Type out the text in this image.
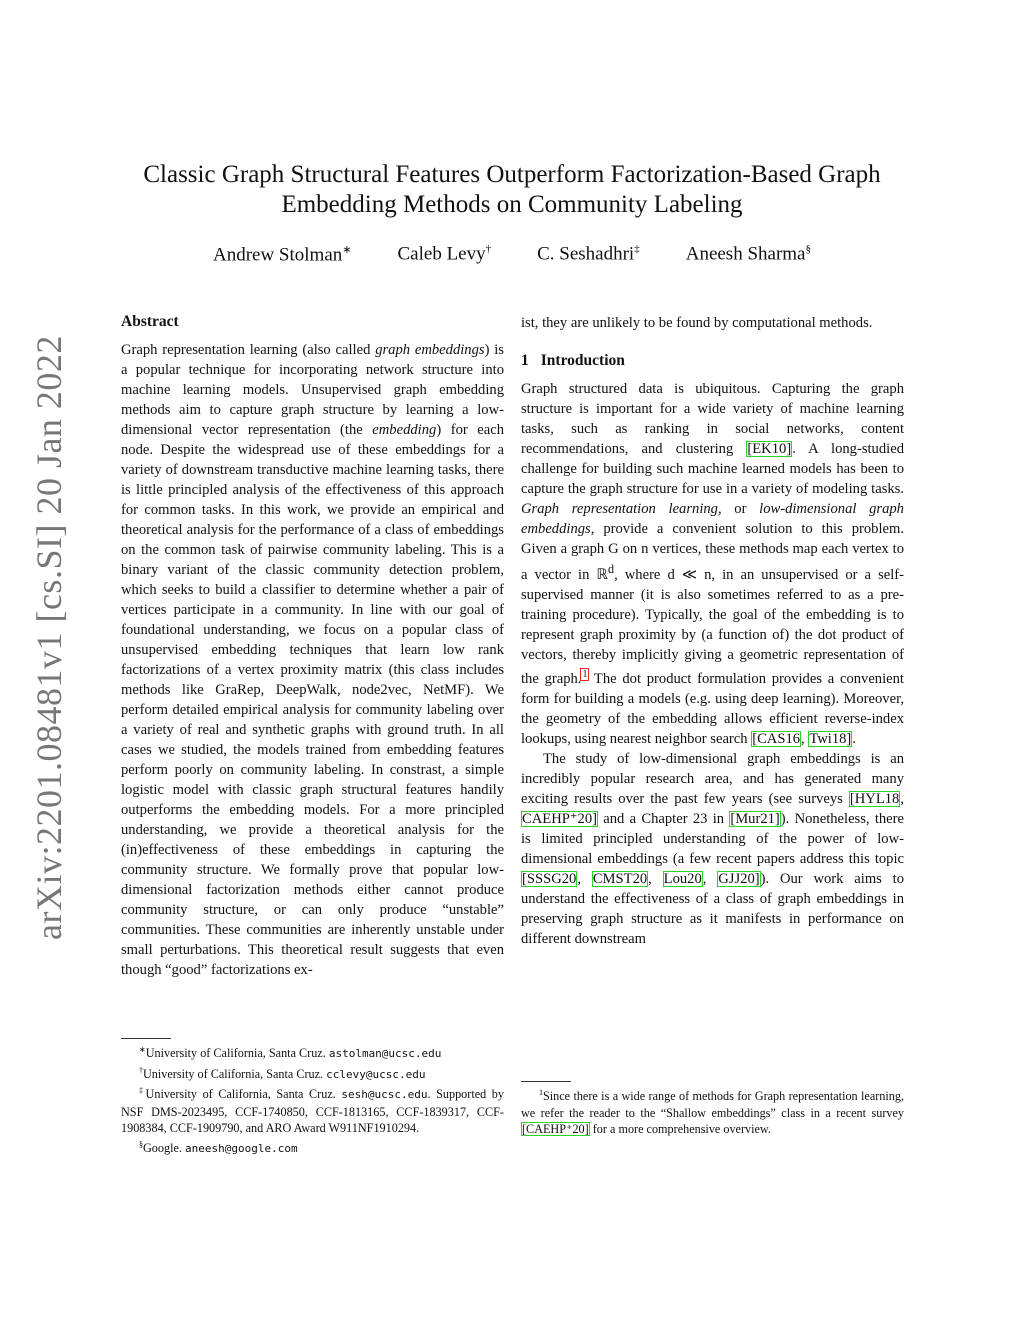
arXiv:2201.08481v1 [cs.SI] 20 Jan 2022
Classic Graph Structural Features Outperform Factorization-Based Graph Embedding Methods on Community Labeling
Andrew Stolman∗ Caleb Levy† C. Seshadhri‡ Aneesh Sharma§
Abstract

Graph representation learning (also called graph embeddings) is a popular technique for incorporating network structure into machine learning models. Unsupervised graph embedding methods aim to capture graph structure by learning a low-dimensional vector representation (the embedding) for each node. Despite the widespread use of these embeddings for a variety of downstream transductive machine learning tasks, there is little principled analysis of the effectiveness of this approach for common tasks. In this work, we provide an empirical and theoretical analysis for the performance of a class of embeddings on the common task of pairwise community labeling. This is a binary variant of the classic community detection problem, which seeks to build a classifier to determine whether a pair of vertices participate in a community. In line with our goal of foundational understanding, we focus on a popular class of unsupervised embedding techniques that learn low rank factorizations of a vertex proximity matrix (this class includes methods like GraRep, DeepWalk, node2vec, NetMF). We perform detailed empirical analysis for community labeling over a variety of real and synthetic graphs with ground truth. In all cases we studied, the models trained from embedding features perform poorly on community labeling. In constrast, a simple logistic model with classic graph structural features handily outperforms the embedding models. For a more principled understanding, we provide a theoretical analysis for the (in)effectiveness of these embeddings in capturing the community structure. We formally prove that popular low-dimensional factorization methods either cannot produce community structure, or can only produce “unstable” communities. These communities are inherently unstable under small perturbations. This theoretical result suggests that even though “good” factorizations ex-

ist, they are unlikely to be found by computational methods.

1 Introduction

Graph structured data is ubiquitous. Capturing the graph structure is important for a wide variety of machine learning tasks, such as ranking in social networks, content recommendations, and clustering [EK10]. A long-studied challenge for building such machine learned models has been to capture the graph structure for use in a variety of modeling tasks. Graph representation learning, or low-dimensional graph embeddings, provide a convenient solution to this problem. Given a graph G on n vertices, these methods map each vertex to a vector in ℝ$^d$, where d ≪ n, in an unsupervised or a self-supervised manner (it is also sometimes referred to as a pre-training procedure). Typically, the goal of the embedding is to represent graph proximity by (a function of) the dot product of vectors, thereby implicitly giving a geometric representation of the graph.$^1$ The dot product formulation provides a convenient form for building a models (e.g. using deep learning). Moreover, the geometry of the embedding allows efficient reverse-index lookups, using nearest neighbor search [CAS16, Twi18].

The study of low-dimensional graph embeddings is an incredibly popular research area, and has generated many exciting results over the past few years (see surveys [HYL18, CAEHP⁺20] and a Chapter 23 in [Mur21]). Nonetheless, there is limited principled understanding of the power of low-dimensional embeddings (a few recent papers address this topic [SSSG20, CMST20, Lou20, GJJ20]). Our work aims to understand the effectiveness of a class of graph embeddings in preserving graph structure as it manifests in performance on different downstream

∗University of California, Santa Cruz. astolman@ucsc.edu
†University of California, Santa Cruz. cclevy@ucsc.edu
‡University of California, Santa Cruz. sesh@ucsc.edu. Supported by NSF DMS-2023495, CCF-1740850, CCF-1813165, CCF-1839317, CCF-1908384, CCF-1909790, and ARO Award W911NF1910294.
§Google. aneesh@google.com
$^1$Since there is a wide range of methods for Graph representation learning, we refer the reader to the “Shallow embeddings” class in a recent survey [CAEHP⁺20] for a more comprehensive overview.
